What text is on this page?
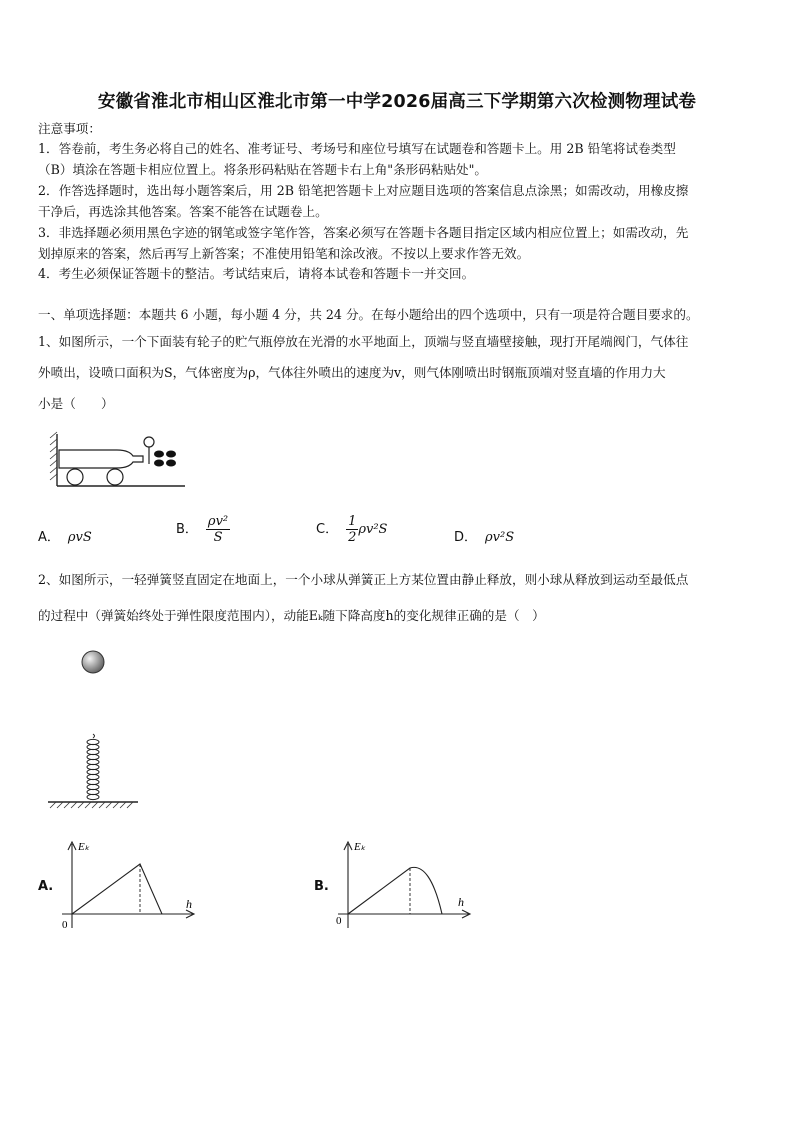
安徽省淮北市相山区淮北市第一中学2026届高三下学期第六次检测物理试卷
注意事项：
1．答卷前，考生务必将自己的姓名、准考证号、考场号和座位号填写在试题卷和答题卡上。用 2B 铅笔将试卷类型
（B）填涂在答题卡相应位置上。将条形码粘贴在答题卡右上角"条形码粘贴处"。
2．作答选择题时，选出每小题答案后，用 2B 铅笔把答题卡上对应题目选项的答案信息点涂黑；如需改动，用橡皮擦
干净后，再选涂其他答案。答案不能答在试题卷上。
3．非选择题必须用黑色字迹的钢笔或签字笔作答，答案必须写在答题卡各题目指定区域内相应位置上；如需改动，先
划掉原来的答案，然后再写上新答案；不准使用铅笔和涂改液。不按以上要求作答无效。
4．考生必须保证答题卡的整洁。考试结束后，请将本试卷和答题卡一并交回。
一、单项选择题：本题共 6 小题，每小题 4 分，共 24 分。在每小题给出的四个选项中，只有一项是符合题目要求的。
1、如图所示，一个下面装有轮子的贮气瓶停放在光滑的水平地面上，顶端与竖直墙壁接触，现打开尾端阀门，气体往
外喷出，设喷口面积为S，气体密度为ρ，气体往外喷出的速度为v，则气体刚喷出时钢瓶顶端对竖直墙的作用力大
小是（　　）
A． ρvS
B． $\frac{\text{ρv²}}{S}$	C． $\frac{1}{2} \rho v^2S$
D． ρv²S
2、如图所示，一轻弹簧竖直固定在地面上，一个小球从弹簧正上方某位置由静止释放，则小球从释放到运动至最低点
的过程中（弹簧始终处于弹性限度范围内），动能Eₖ随下降高度h的变化规律正确的是（　）
A.
Eₖ
h
0
B.
Eₖ
h
0
